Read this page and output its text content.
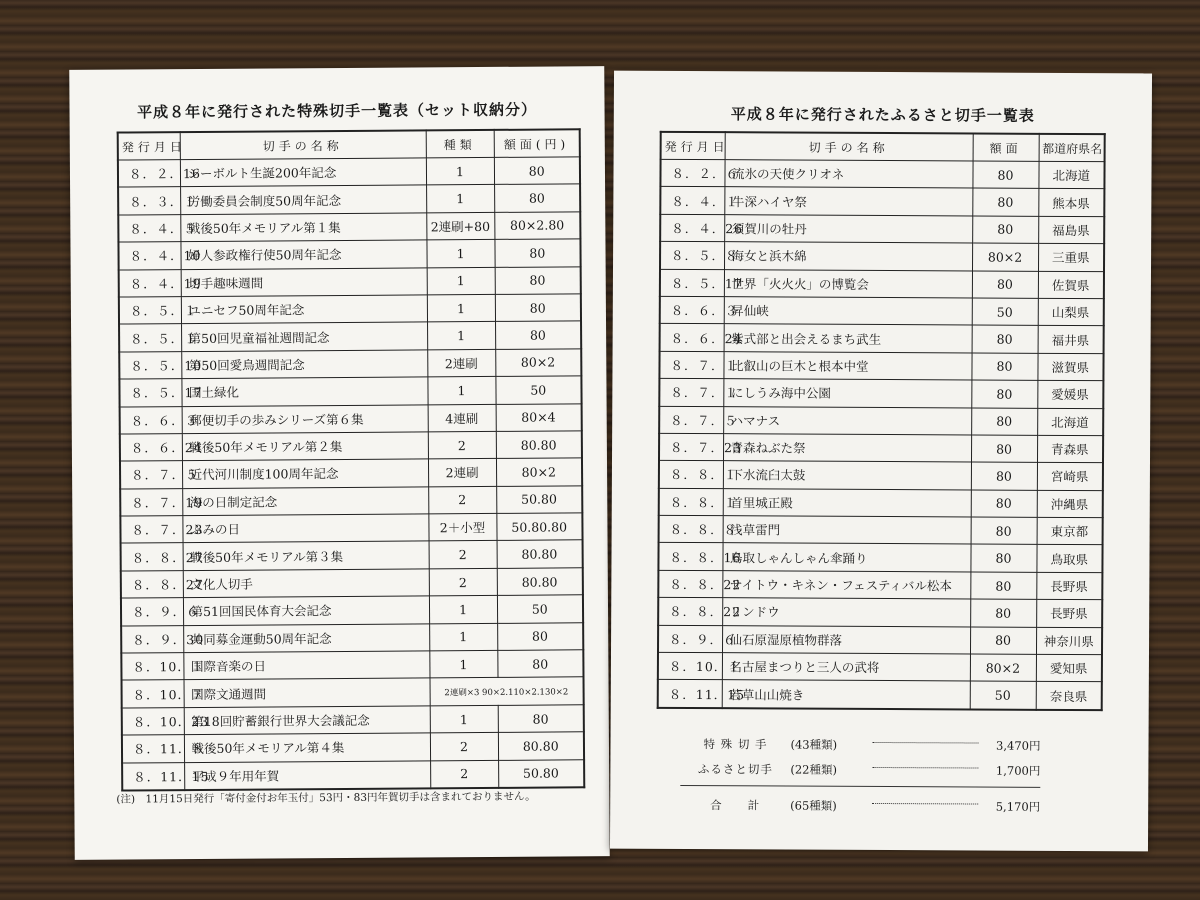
平成８年に発行された特殊切手一覧表（セット収納分）
発行月日	切手の名称	種類	額面(円)
８．２．16	シーボルト生誕200年記念	1	80
８．３．１	労働委員会制度50周年記念	1	80
８．４．５	戦後50年メモリアル第１集	2連刷+80	80×2.80
８．４．10	婦人参政権行使50周年記念	1	80
８．４．19	切手趣味週間	1	80
８．５．１	ユニセフ50周年記念	1	80
８．５．１	第50回児童福祉週間記念	1	80
８．５．10	第50回愛鳥週間記念	2連刷	80×2
８．５．17	国土緑化	1	50
８．６．３	郵便切手の歩みシリーズ第６集	4連刷	80×4
８．６．24	戦後50年メモリアル第２集	2	80.80
８．７．５	近代河川制度100周年記念	2連刷	80×2
８．７．19	海の日制定記念	2	50.80
８．７．23	ふみの日	2＋小型	50.80.80
８．８．27	戦後50年メモリアル第３集	2	80.80
８．８．27	文化人切手	2	80.80
８．９．６	第51回国民体育大会記念	1	50
８．９．30	共同募金運動50周年記念	1	80
８．10．１	国際音楽の日	1	80
８．10．７	国際文通週間	2連刷×3 90×2.110×2.130×2	
８．10．23	第18回貯蓄銀行世界大会議記念	1	80
８．11．８	戦後50年メモリアル第４集	2	80.80
８．11．15	平成９年用年賀	2	50.80
(注)　11月15日発行「寄付金付お年玉付」53円・83円年賀切手は含まれておりません。
平成８年に発行されたふるさと切手一覧表
発行月日	切手の名称	額面	都道府県名
８．２．６	流氷の天使クリオネ	80	北海道
８．４．１	牛深ハイヤ祭	80	熊本県
８．４．26	須賀川の牡丹	80	福島県
８．５．８	海女と浜木綿	80×2	三重県
８．５．17	世界「火火火」の博覧会	80	佐賀県
８．６．３	昇仙峡	50	山梨県
８．６．24	紫式部と出会えるまち武生	80	福井県
８．７．１	比叡山の巨木と根本中堂	80	滋賀県
８．７．１	にしうみ海中公園	80	愛媛県
８．７．５	ハマナス	80	北海道
８．７．23	青森ねぶた祭	80	青森県
８．８．１	下水流臼太鼓	80	宮崎県
８．８．１	首里城正殿	80	沖縄県
８．８．８	浅草雷門	80	東京都
８．８．16	鳥取しゃんしゃん傘踊り	80	鳥取県
８．８．22	サイトウ・キネン・フェスティバル松本	80	長野県
８．８．22	リンドウ	80	長野県
８．９．６	仙石原湿原植物群落	80	神奈川県
８．10．１	名古屋まつりと三人の武将	80×2	愛知県
８．11．15	若草山山焼き	50	奈良県
特 殊 切 手	(43種類)	3,470円
ふるさと切手	(22種類)	1,700円
合　　計	(65種類)	5,170円
